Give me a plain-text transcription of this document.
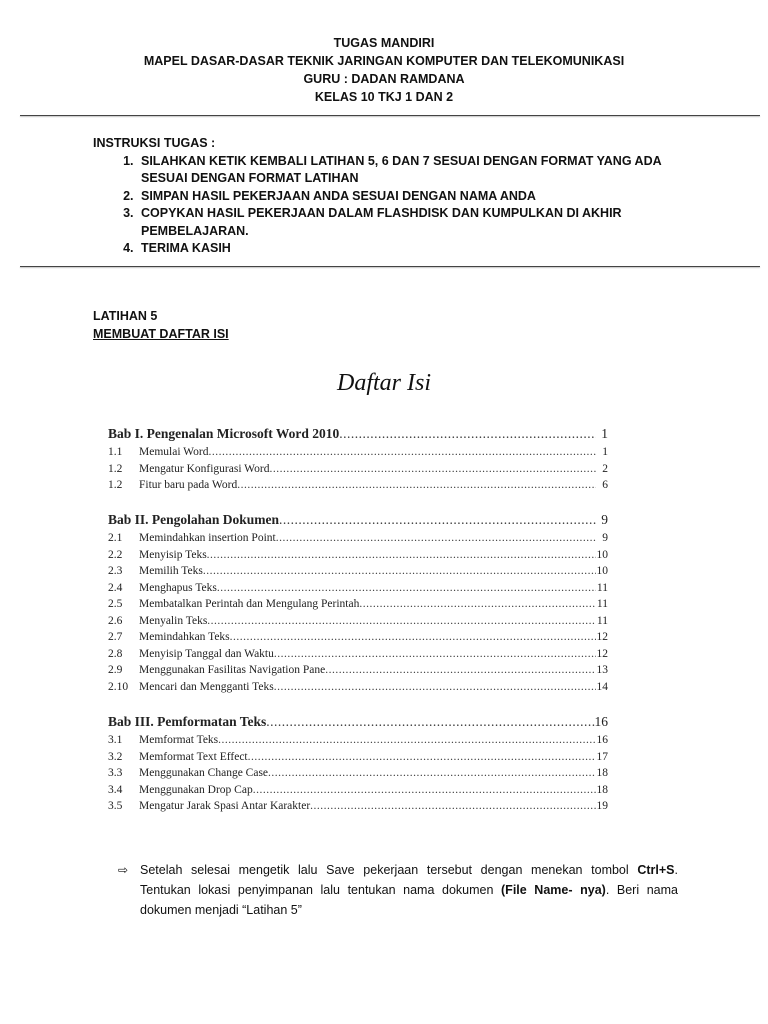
TUGAS MANDIRI
MAPEL DASAR-DASAR TEKNIK JARINGAN KOMPUTER DAN TELEKOMUNIKASI
GURU : DADAN RAMDANA
KELAS 10 TKJ 1 DAN 2
INSTRUKSI TUGAS :
1. SILAHKAN KETIK KEMBALI LATIHAN 5, 6 DAN 7 SESUAI DENGAN FORMAT YANG ADA SESUAI DENGAN FORMAT LATIHAN
2. SIMPAN HASIL PEKERJAAN ANDA SESUAI DENGAN NAMA ANDA
3. COPYKAN HASIL PEKERJAAN DALAM FLASHDISK DAN KUMPULKAN DI AKHIR PEMBELAJARAN.
4. TERIMA KASIH
LATIHAN 5
MEMBUAT DAFTAR ISI
Daftar Isi
Bab I. Pengenalan Microsoft Word 2010 .....	1
1.1	Memulai Word .....	1
1.2	Mengatur Konfigurasi Word .....	2
1.2	Fitur baru pada Word .....	6
Bab II. Pengolahan Dokumen .....	9
2.1	Memindahkan insertion Point .....	9
2.2	Menyisip Teks .....	10
2.3	Memilih Teks .....	10
2.4	Menghapus Teks .....	11
2.5	Membatalkan Perintah dan Mengulang Perintah .....	11
2.6	Menyalin Teks .....	11
2.7	Memindahkan Teks .....	12
2.8	Menyisip Tanggal dan Waktu .....	12
2.9	Menggunakan Fasilitas Navigation Pane .....	13
2.10 Mencari dan Mengganti Teks .....	14
Bab III. Pemformatan Teks .....	16
3.1	Memformat Teks .....	16
3.2	Memformat Text Effect .....	17
3.3	Menggunakan Change Case .....	18
3.4	Menggunakan Drop Cap .....	18
3.5	Mengatur Jarak Spasi Antar Karakter .....	19
⇨ Setelah selesai mengetik lalu Save pekerjaan tersebut dengan menekan tombol Ctrl+S. Tentukan lokasi penyimpanan lalu tentukan nama dokumen (File Name- nya). Beri nama dokumen menjadi “Latihan 5”
